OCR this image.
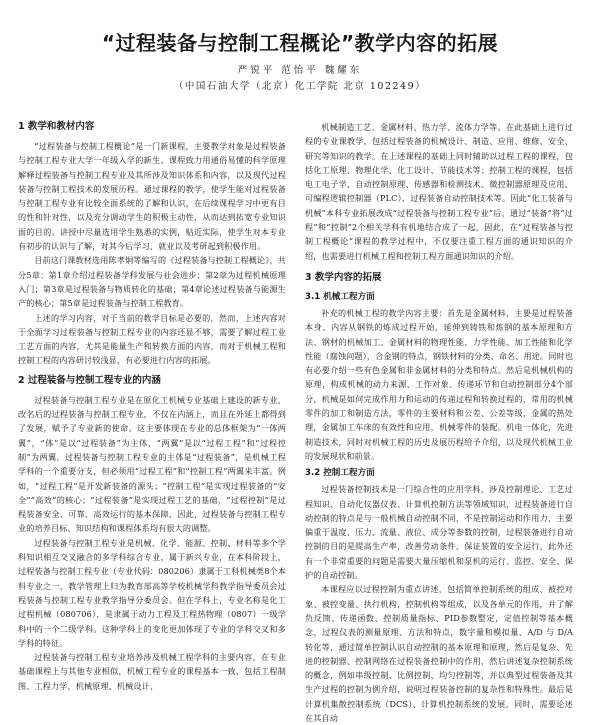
“过程装备与控制工程概论”教学内容的拓展
严锐平 范怡平 魏耀东
（中国石油大学（北京）化工学院 北京 102249）
1 教学和教材内容

“过程装备与控制工程概论”是一门新课程，主要教学对象是过程装备与控制工程专业大学一年级入学的新生。课程致力用通俗易懂的科学原理解释过程装备与控制工程专业及其所涉及知识体系和内容，以及现代过程装备与控制工程技术的发展历程。通过课程的教学，使学生能对过程装备与控制工程专业有比较全面系统的了解和认识，在后续课程学习中更有目的性和针对性，以及充分调动学生的积极主动性，从而达到拓宽专业知识面的目的。讲授中尽量选用学生熟悉的实例，贴近实际，使学生对本专业有初步的认识与了解，对其今后学习、就业以及考研起到积极作用。

目前这门课教材选用陈孝炯等编写的《过程装备与控制工程概论》，共分5章：第1章介绍过程装备学科发展与社会进步；第2章为过程机械原理入门；第3章是过程装备与物质转化的基础；第4章论述过程装备与能源生产的核心；第5章是过程装备与控制工程教育。

上述的学习内容，对于当前的教学目标是必要的，然而，上述内容对于全面学习过程装备与控制工程专业的内容还显不够，需要了解过程工业工艺方面的内容，尤其是能量生产和转换方面的内容，而对于机械工程和控制工程的内容研讨较浅显，有必要进行内容的拓展。

2 过程装备与控制工程专业的内涵

过程装备与控制工程专业是在原化工机械专业基础上建设的新专业，改名后的过程装备与控制工程专业，不仅在内涵上，而且在外延上都得到了发展，赋予了专业新的使命。这主要体现在专业的总体框架为“一体两翼”，“体”是以“过程装备”为主体，“两翼”是以“过程工程”和“过程控制”为两翼，过程装备与控制工程专业的主体是“过程装备”，是机械工程学科的一个重要分支，但必须用“过程工程”和“控制工程”两翼来丰富。例如，“过程工程”是开发新装备的源头；“控制工程”是实现过程装备的“安全”“高效”的核心；“过程装备”是实现过程工艺的基础，“过程控制”是过程装备安全、可靠、高效运行的基本保障，因此，过程装备与控制工程专业的培养目标、知识结构和课程体系均有很大的调整。

过程装备与控制工程专业是机械、化学、能源、控制、材料等多个学科知识相互交叉融合的多学科综合专业，属于新兴专业，在本科阶段上，过程装备与控制工程专业（专业代码：080206）隶属于工科机械类8个本科专业之一，教学管理上归为教育部高等学校机械学科教学指导委员会过程装备与控制工程专业教学指导分委员会。但在学科上，专业名称是化工过程机械（080706），是隶属于动力工程及工程热物理（0807）一级学科中的一个二级学科。这种学科上的变化更加体现了专业的学科交叉和多学科的特征。

过程装备与控制工程专业培养涉及机械工程学科的主要内容，在专业基础课程上与其他专业相似，机械工程专业的课程基本一致，包括工程制图、工程力学、机械原理、机械设计、

机械制造工艺、金属材料、热力学、流体力学等。在此基础上进行过程的专业课教学，包括过程装备的机械设计、制造、应用、维修、安全、研究等知识的教学。在上述课程的基础上同时辅助以过程工程的课程，包括化工原理、物理化学、化工设计、节能技术等；控制工程的课程，包括电工电子学、自动控制原理、传感器和检测技术、微控制器原理及应用、可编程逻辑控制器（PLC）、过程装备自动控制技术等。因此“化工装备与机械”本科专业拓展改成“过程装备与控制工程专业”后，通过“装备”将“过程”和“控制”2个相关学科有机地结合成了一起，因此，在“过程装备与控制工程概论”课程的教学过程中，不仅要注重工程方面的通识知识的介绍，也需要进行机械工程和控制工程方面通识知识的介绍。

3 教学内容的拓展
3.1 机械工程方面

补充的机械工程的教学内容主要：首先是金属材料，主要是过程装备本身、内容从钢铁的炼成过程开始，延伸到铸铁和炼钢的基本原理和方法、钢材的机械加工、金属材料的物理性能、力学性能、加工性能和化学性能（腐蚀问题），合金钢的特点，钢铁材料的分类、命名、用途。同时也有必要介绍一些有色金属和非金属材料的分类和特点。然后是机械机构的原理，构成机械的动力来源、工作对象、传递环节和自动控制部分4个部分，机械是如何完成作用力和运动的传递过程和转换过程的，常用的机械零件的加工和制造方法，零件的主要材料和公差、公差等级，金属的热处理，金属加工车床的有效性和应用，机械零件的装配。机电一体化，先进制造技术，同时对机械工程的历史及展历程给予介绍，以及现代机械工业的发展现状和前景。

3.2 控制工程方面

过程装备控制技术是一门综合性的应用学科，涉及控制理论、工艺过程知识、自动化仪器仪表、计算机控制方法等领域知识，过程装备进行自动控制的特点是与一般机械自动控制不同，不是控制运动和作用力，主要偏重于温度、压力、流量、液位、成分等参数的控制，过程装备进行自动控制的目的是提高生产率，改善劳动条件，保证装置的安全运行，此外还有一个非常重要的问题是需要大量压缩机和泵机的运行、监控、安全、保护的自动控制。

本课程应以过程控制为重点讲述，包括简单控制系统的组成、被控对象、被控变量、执行机构，控制机构等组成，以及各单元的作用，并了解负反馈、传递函数、控制质量指标、PID参数整定，定值控制等基本概念，过程仪表的测量原理、方法和特点，数字量和模拟量、A/D 与 D/A 转化等，通过简单控制认识自动控制的基本原理和原理，然后是复杂、先进的控制器、控制网络在过程装备控制中的作用，然后讲述复杂控制系统的概念，例如串级控制、比例控制、均匀控制等，并以典型过程装备及其生产过程的控制为例介绍，说明过程装备控制的复杂性和特殊性。最后是计算机集散控制系统（DCS）、计算机控制系统的发展，同时，需要论述在其自动
